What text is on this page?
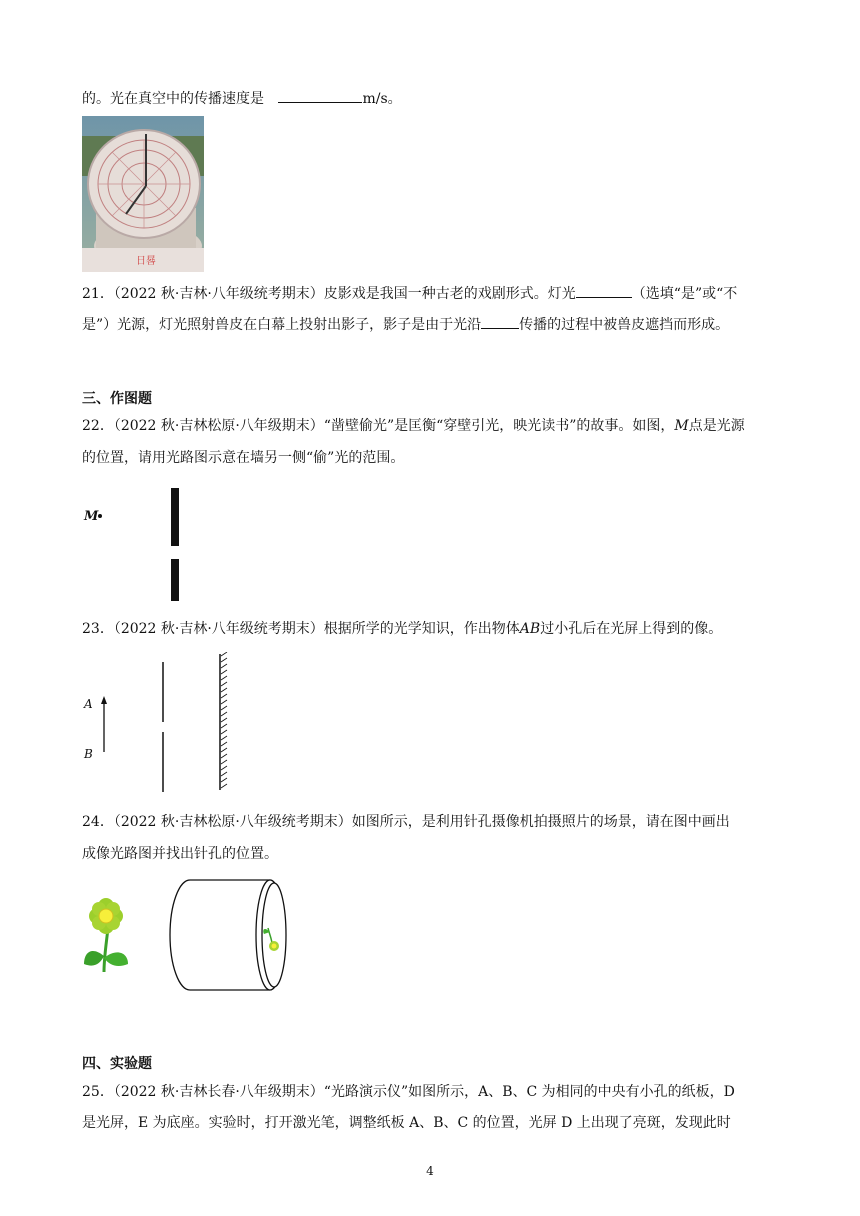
的。光在真空中的传播速度是	m/s。
日晷
21．（2022 秋·吉林·八年级统考期末）皮影戏是我国一种古老的戏剧形式。灯光	（选填“是”或“不
是”）光源，灯光照射兽皮在白幕上投射出影子，影子是由于光沿	传播的过程中被兽皮遮挡而形成。
三、作图题
22．（2022 秋·吉林松原·八年级期末）“凿壁偷光”是匡衡“穿壁引光，映光读书”的故事。如图，M点是光源
的位置，请用光路图示意在墙另一侧“偷”光的范围。
M
23．（2022 秋·吉林·八年级统考期末）根据所学的光学知识，作出物体AB过小孔后在光屏上得到的像。
A
B
24．（2022 秋·吉林松原·八年级统考期末）如图所示，是利用针孔摄像机拍摄照片的场景，请在图中画出
成像光路图并找出针孔的位置。
四、实验题
25．（2022 秋·吉林长春·八年级期末）“光路演示仪”如图所示，A、B、C 为相同的中央有小孔的纸板，D
是光屏，E 为底座。实验时，打开激光笔，调整纸板 A、B、C 的位置，光屏 D 上出现了亮斑，发现此时
4
